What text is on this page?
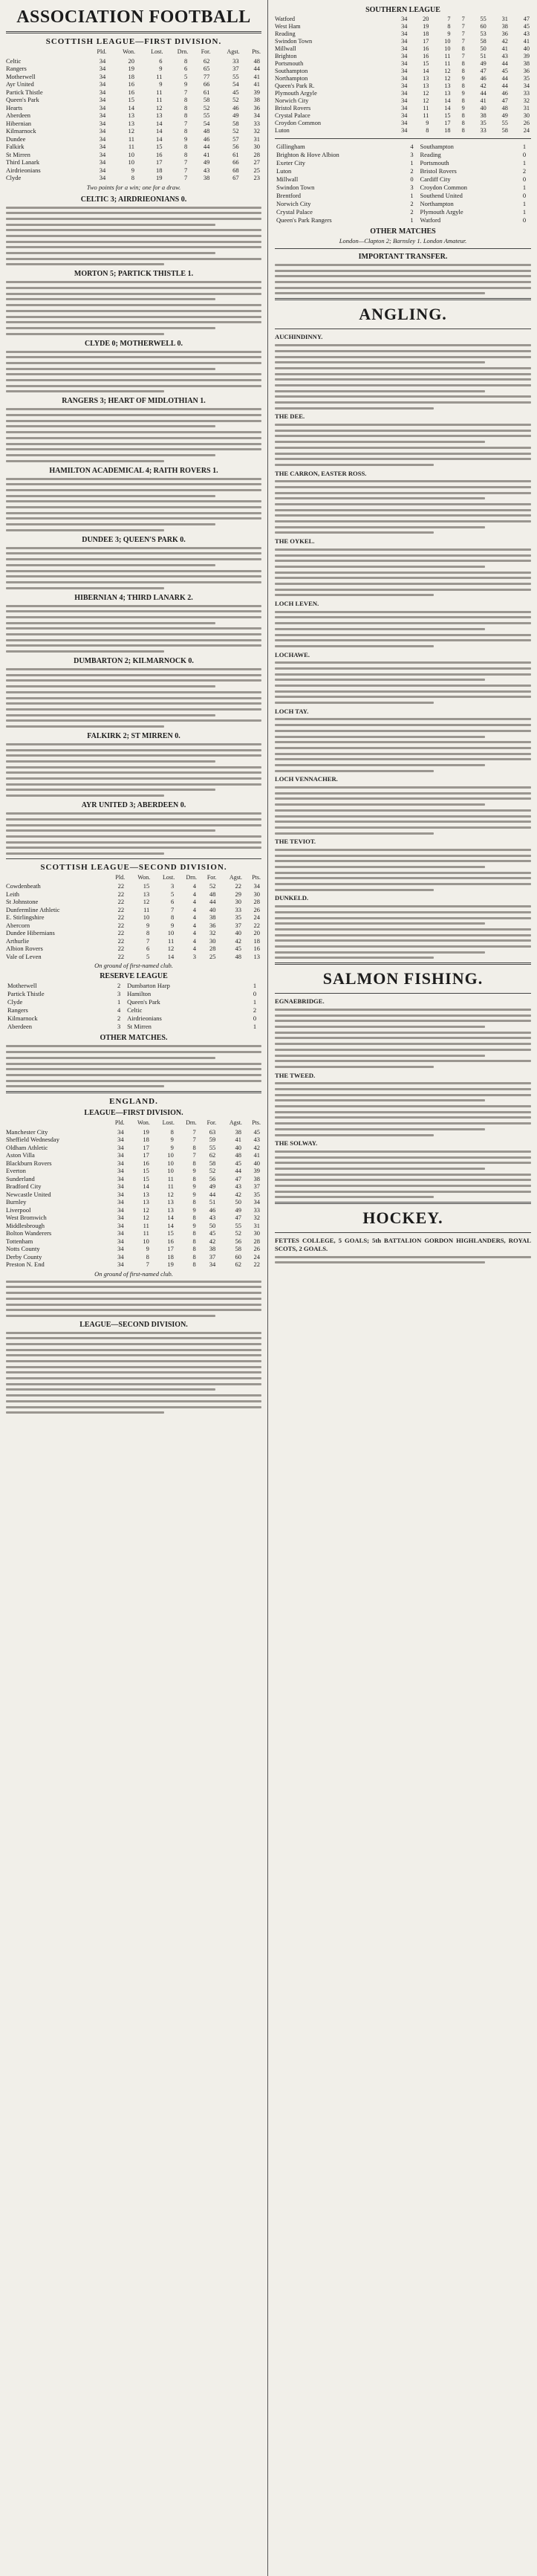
ASSOCIATION FOOTBALL
SCOTTISH LEAGUE—FIRST DIVISION.
	Pld.	Won.	Lost.	Drn.	For.	Agst.	Pts.
Celtic	34	20	6	8	62	33	48
Rangers	34	19	9	6	65	37	44
Motherwell	34	18	11	5	77	55	41
Ayr United	34	16	9	9	66	54	41
Partick Thistle	34	16	11	7	61	45	39
Queen's Park	34	15	11	8	58	52	38
Hearts	34	14	12	8	52	46	36
Aberdeen	34	13	13	8	55	49	34
Hibernian	34	13	14	7	54	58	33
Kilmarnock	34	12	14	8	48	52	32
Dundee	34	11	14	9	46	57	31
Falkirk	34	11	15	8	44	56	30
St Mirren	34	10	16	8	41	61	28
Third Lanark	34	10	17	7	49	66	27
Airdrieonians	34	9	18	7	43	68	25
Clyde	34	8	19	7	38	67	23
Two points for a win; one for a draw.
CELTIC 3; AIRDRIEONIANS 0.
MORTON 5; PARTICK THISTLE 1.
CLYDE 0; MOTHERWELL 0.
RANGERS 3; HEART OF MIDLOTHIAN 1.
HAMILTON ACADEMICAL 4; RAITH ROVERS 1.
DUNDEE 3; QUEEN'S PARK 0.
HIBERNIAN 4; THIRD LANARK 2.
DUMBARTON 2; KILMARNOCK 0.
FALKIRK 2; ST MIRREN 0.
AYR UNITED 3; ABERDEEN 0.
SCOTTISH LEAGUE—SECOND DIVISION.
	Pld.	Won.	Lost.	Drn.	For.	Agst.	Pts.
Cowdenbeath	22	15	3	4	52	22	34
Leith	22	13	5	4	48	29	30
St Johnstone	22	12	6	4	44	30	28
Dunfermline Athletic	22	11	7	4	40	33	26
E. Stirlingshire	22	10	8	4	38	35	24
Abercorn	22	9	9	4	36	37	22
Dundee Hibernians	22	8	10	4	32	40	20
Arthurlie	22	7	11	4	30	42	18
Albion Rovers	22	6	12	4	28	45	16
Vale of Leven	22	5	14	3	25	48	13
On ground of first-named club.
RESERVE LEAGUE
Motherwell	2	Dumbarton Harp	1
Partick Thistle	3	Hamilton	0
Clyde	1	Queen's Park	1
Rangers	4	Celtic	2
Kilmarnock	2	Airdrieonians	0
Aberdeen	3	St Mirren	1
OTHER MATCHES.
ENGLAND.
LEAGUE—FIRST DIVISION.
	Pld.	Won.	Lost.	Drn.	For.	Agst.	Pts.
Manchester City	34	19	8	7	63	38	45
Sheffield Wednesday	34	18	9	7	59	41	43
Oldham Athletic	34	17	9	8	55	40	42
Aston Villa	34	17	10	7	62	48	41
Blackburn Rovers	34	16	10	8	58	45	40
Everton	34	15	10	9	52	44	39
Sunderland	34	15	11	8	56	47	38
Bradford City	34	14	11	9	49	43	37
Newcastle United	34	13	12	9	44	42	35
Burnley	34	13	13	8	51	50	34
Liverpool	34	12	13	9	46	49	33
West Bromwich	34	12	14	8	43	47	32
Middlesbrough	34	11	14	9	50	55	31
Bolton Wanderers	34	11	15	8	45	52	30
Tottenham	34	10	16	8	42	56	28
Notts County	34	9	17	8	38	58	26
Derby County	34	8	18	8	37	60	24
Preston N. End	34	7	19	8	34	62	22
On ground of first-named club.
LEAGUE—SECOND DIVISION.
SOUTHERN LEAGUE
Watford	34	20	7	7	55	31	47
West Ham	34	19	8	7	60	38	45
Reading	34	18	9	7	53	36	43
Swindon Town	34	17	10	7	58	42	41
Millwall	34	16	10	8	50	41	40
Brighton	34	16	11	7	51	43	39
Portsmouth	34	15	11	8	49	44	38
Southampton	34	14	12	8	47	45	36
Northampton	34	13	12	9	46	44	35
Queen's Park R.	34	13	13	8	42	44	34
Plymouth Argyle	34	12	13	9	44	46	33
Norwich City	34	12	14	8	41	47	32
Bristol Rovers	34	11	14	9	40	48	31
Crystal Palace	34	11	15	8	38	49	30
Croydon Common	34	9	17	8	35	55	26
Luton	34	8	18	8	33	58	24
Gillingham	4	Southampton	1
Brighton & Hove Albion	3	Reading	0
Exeter City	1	Portsmouth	1
Luton	2	Bristol Rovers	2
Millwall	0	Cardiff City	0
Swindon Town	3	Croydon Common	1
Brentford	1	Southend United	0
Norwich City	2	Northampton	1
Crystal Palace	2	Plymouth Argyle	1
Queen's Park Rangers	1	Watford	0
OTHER MATCHES
London—Clapton 2; Barnsley 1. London Amateur.
IMPORTANT TRANSFER.
ANGLING.

AUCHINDINNY.

THE DEE.

THE CARRON, EASTER ROSS.

THE OYKEL.

LOCH LEVEN.

LOCHAWE.

LOCH TAY.

LOCH VENNACHER.

THE TEVIOT.

DUNKELD.

SALMON FISHING.

EGNAEBRIDGE.

THE TWEED.

THE SOLWAY.

HOCKEY.

FETTES COLLEGE, 5 GOALS; 5th BATTALION GORDON HIGHLANDERS, ROYAL SCOTS, 2 GOALS.
